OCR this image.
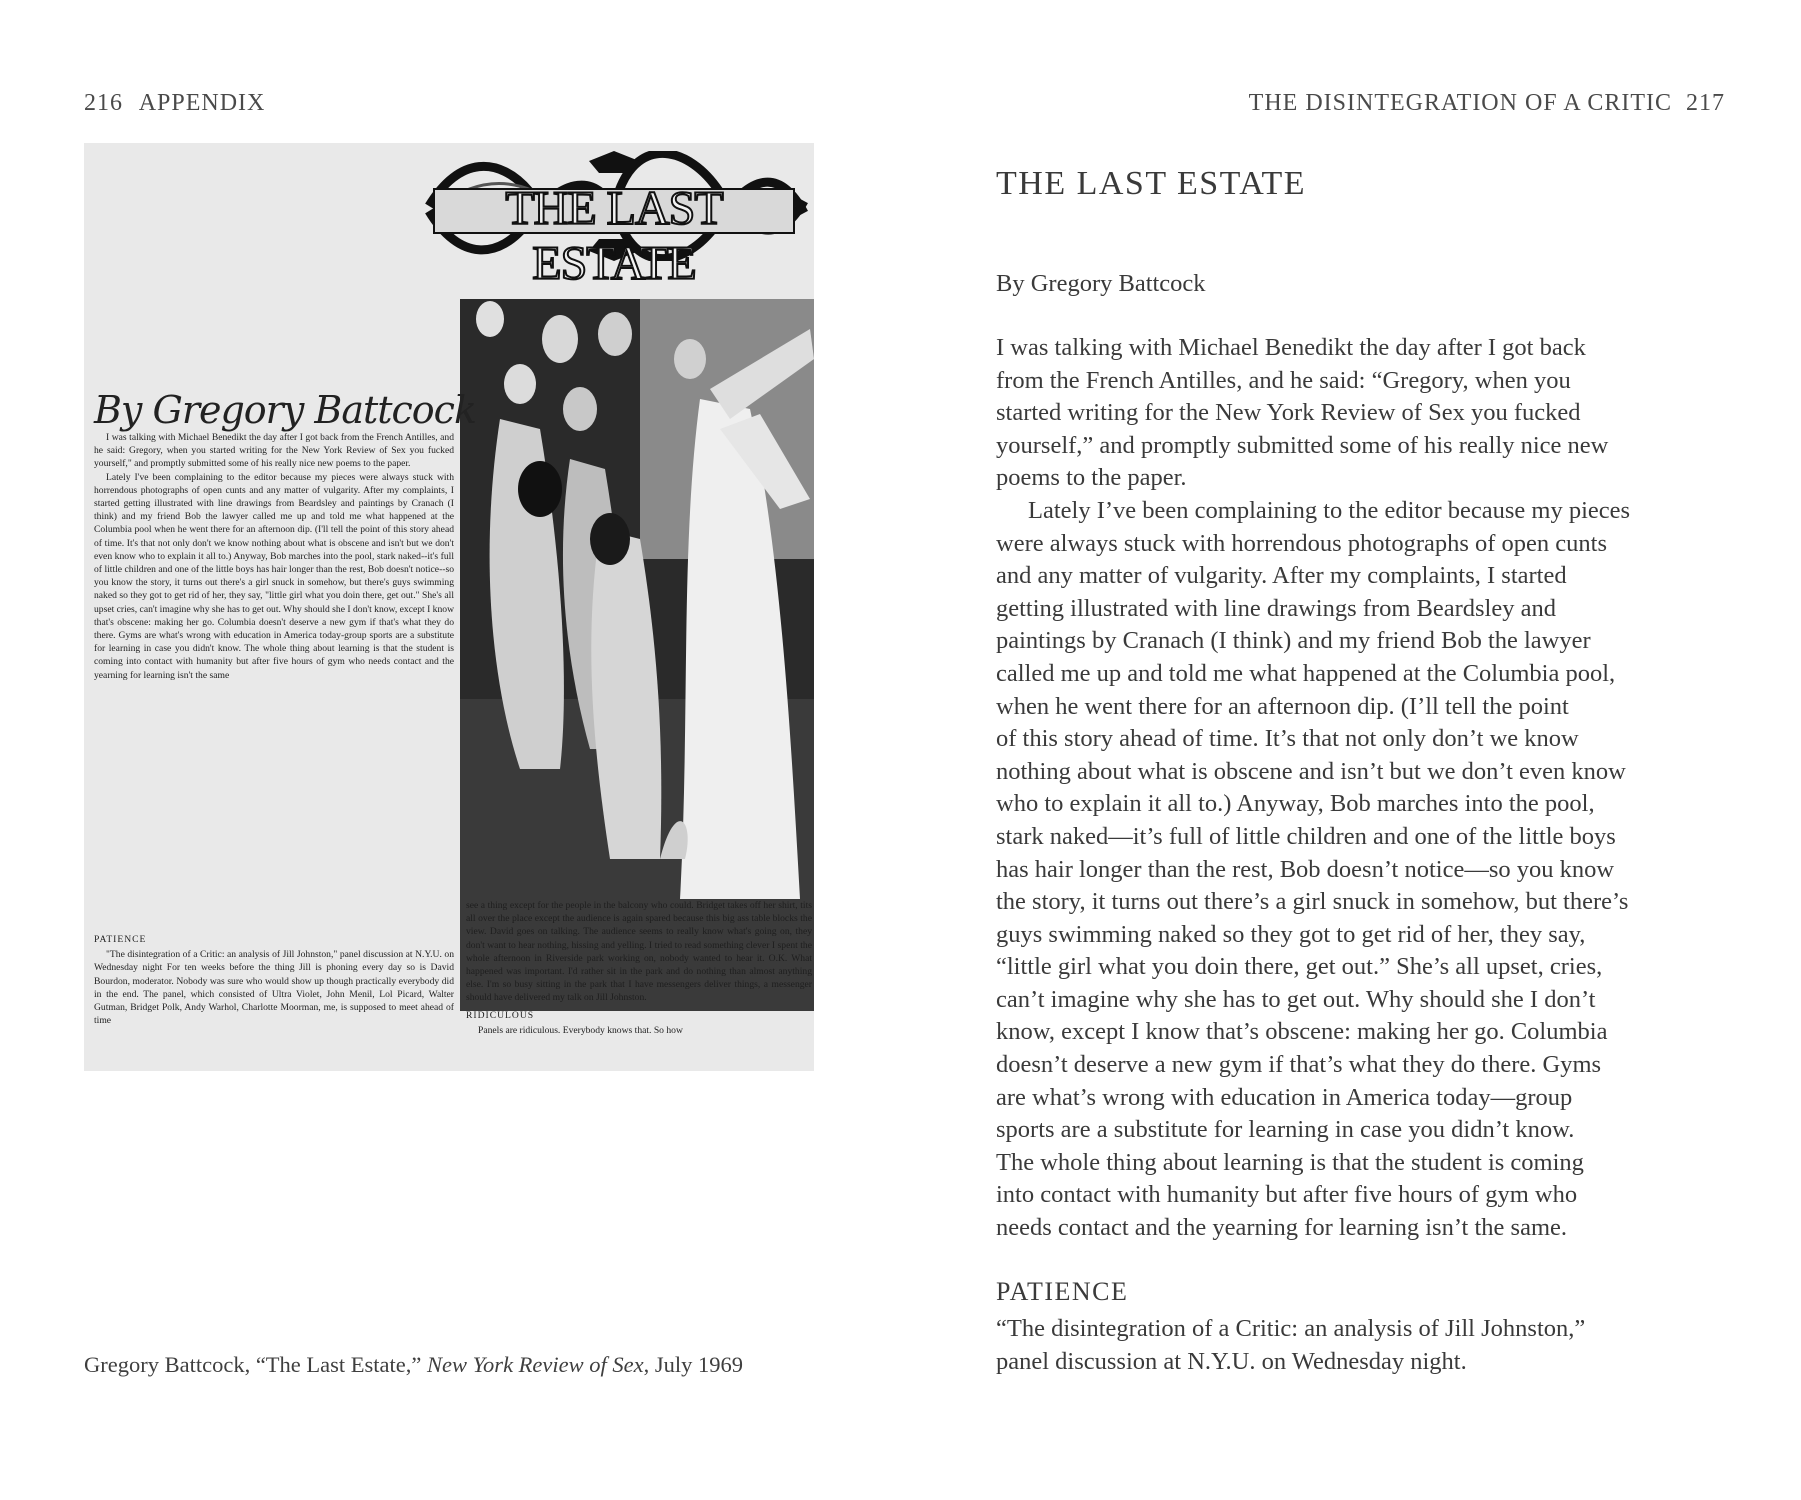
216 APPENDIX
THE LAST ESTATE
By Gregory Battcock

I was talking with Michael Benedikt the day after I got back from the French Antilles, and he said: Gregory, when you started writing for the New York Review of Sex you fucked yourself," and promptly submitted some of his really nice new poems to the paper.

Lately I've been complaining to the editor because my pieces were always stuck with horrendous photographs of open cunts and any matter of vulgarity. After my complaints, I started getting illustrated with line drawings from Beardsley and paintings by Cranach (I think) and my friend Bob the lawyer called me up and told me what happened at the Columbia pool when he went there for an afternoon dip. (I'll tell the point of this story ahead of time. It's that not only don't we know nothing about what is obscene and isn't but we don't even know who to explain it all to.) Anyway, Bob marches into the pool, stark naked--it's full of little children and one of the little boys has hair longer than the rest, Bob doesn't notice--so you know the story, it turns out there's a girl snuck in somehow, but there's guys swimming naked so they got to get rid of her, they say, "little girl what you doin there, get out." She's all upset cries, can't imagine why she has to get out. Why should she I don't know, except I know that's obscene: making her go. Columbia doesn't deserve a new gym if that's what they do there. Gyms are what's wrong with education in America today-group sports are a substitute for learning in case you didn't know. The whole thing about learning is that the student is coming into contact with humanity but after five hours of gym who needs contact and the yearning for learning isn't the same

PATIENCE

"The disintegration of a Critic: an analysis of Jill Johnston," panel discussion at N.Y.U. on Wednesday night For ten weeks before the thing Jill is phoning every day so is David Bourdon, moderator. Nobody was sure who would show up though practically everybody did in the end. The panel, which consisted of Ultra Violet, John Menil, Lol Picard, Walter Gutman, Bridget Polk, Andy Warhol, Charlotte Moorman, me, is supposed to meet ahead of time

see a thing except for the people in the balcony who could. Bridget takes off her shirt, tits all over the place except the audience is again spared because this big ass table blocks the view. David goes on talking. The audience seems to really know what's going on, they don't want to hear nothing, hissing and yelling. I tried to read something clever I spent the whole afternoon in Riverside park working on, nobody wanted to hear it. O.K. What happened was important. I'd rather sit in the park and do nothing than almost anything else. I'm so busy sitting in the park that I have messengers deliver things, a messenger should have delivered my talk on Jill Johnston.

RIDICULOUS

Panels are ridiculous. Everybody knows that. So how

Gregory Battcock, “The Last Estate,” New York Review of Sex, July 1969
THE DISINTEGRATION OF A CRITIC 217
THE LAST ESTATE
By Gregory Battcock
I was talking with Michael Benedikt the day after I got back
from the French Antilles, and he said: “Gregory, when you
started writing for the New York Review of Sex you fucked
yourself,” and promptly submitted some of his really nice new
poems to the paper.
Lately I’ve been complaining to the editor because my pieces
were always stuck with horrendous photographs of open cunts
and any matter of vulgarity. After my complaints, I started
getting illustrated with line drawings from Beardsley and
paintings by Cranach (I think) and my friend Bob the lawyer
called me up and told me what happened at the Columbia pool,
when he went there for an afternoon dip. (I’ll tell the point
of this story ahead of time. It’s that not only don’t we know
nothing about what is obscene and isn’t but we don’t even know
who to explain it all to.) Anyway, Bob marches into the pool,
stark naked—it’s full of little children and one of the little boys
has hair longer than the rest, Bob doesn’t notice—so you know
the story, it turns out there’s a girl snuck in somehow, but there’s
guys swimming naked so they got to get rid of her, they say,
“little girl what you doin there, get out.” She’s all upset, cries,
can’t imagine why she has to get out. Why should she I don’t
know, except I know that’s obscene: making her go. Columbia
doesn’t deserve a new gym if that’s what they do there. Gyms
are what’s wrong with education in America today—group
sports are a substitute for learning in case you didn’t know.
The whole thing about learning is that the student is coming
into contact with humanity but after five hours of gym who
needs contact and the yearning for learning isn’t the same.
PATIENCE
“The disintegration of a Critic: an analysis of Jill Johnston,”
panel discussion at N.Y.U. on Wednesday night.
